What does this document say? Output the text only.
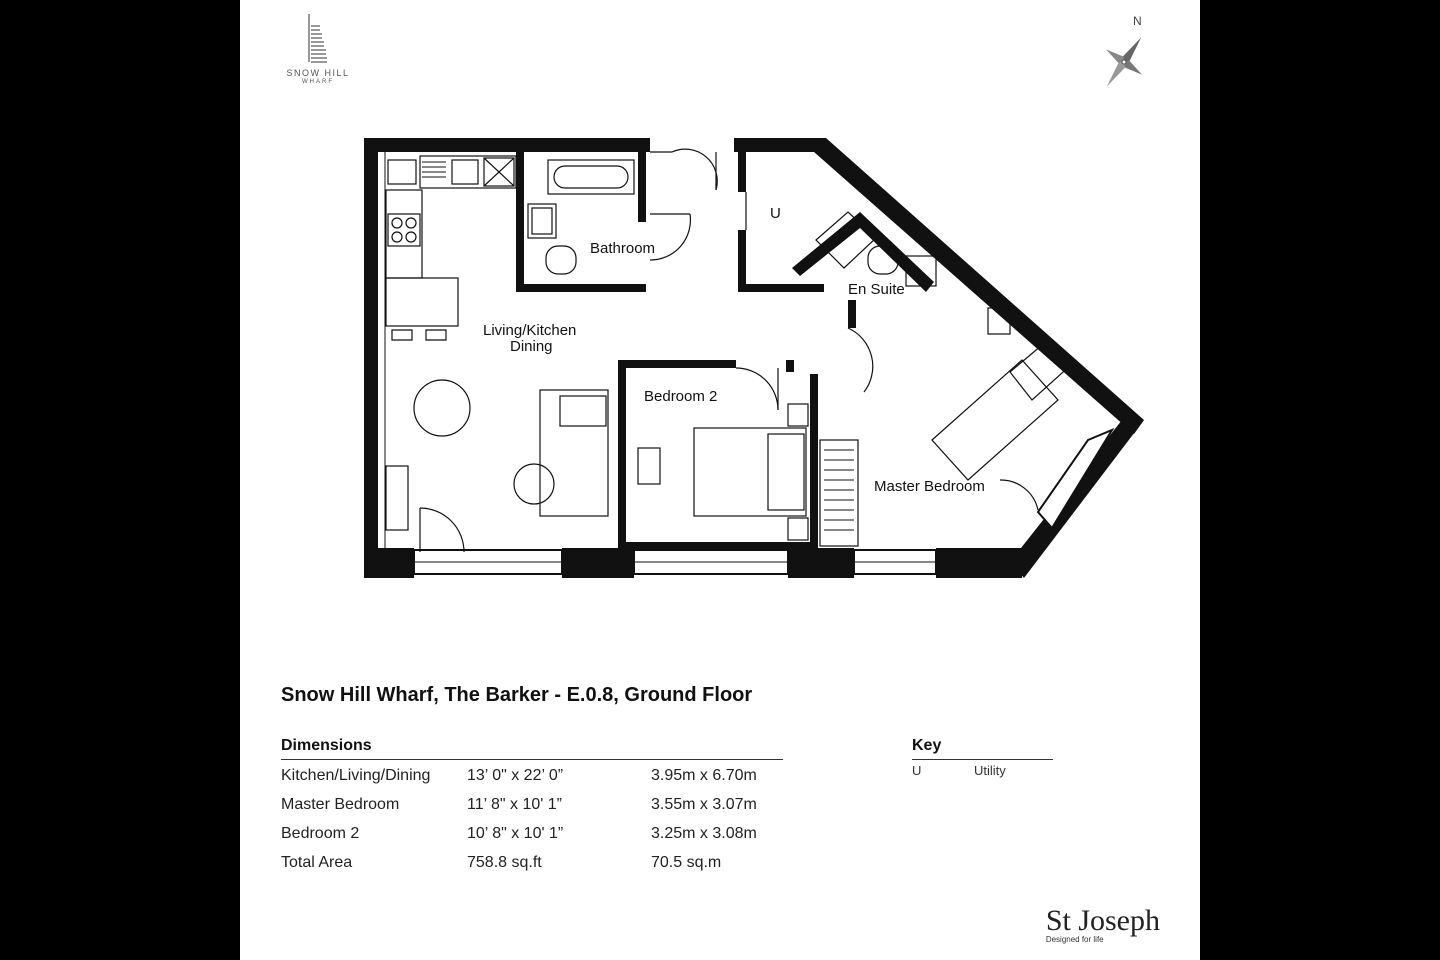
SNOW HILL
WHARF
N
Bathroom
U
En Suite
Living/Kitchen
Dining
Bedroom 2
Master Bedroom
Snow Hill Wharf, The Barker - E.0.8, Ground Floor
Dimensions
Kitchen/Living/Dining 13’ 0" x 22’ 0”	3.95m x 6.70m
Master Bedroom	11’ 8" x 10' 1”	3.55m x 3.07m
Bedroom 2	10’ 8" x 10' 1”	3.25m x 3.08m
Total Area	758.8 sq.ft	70.5 sq.m
Key
U	Utility
St Joseph
Designed for life
